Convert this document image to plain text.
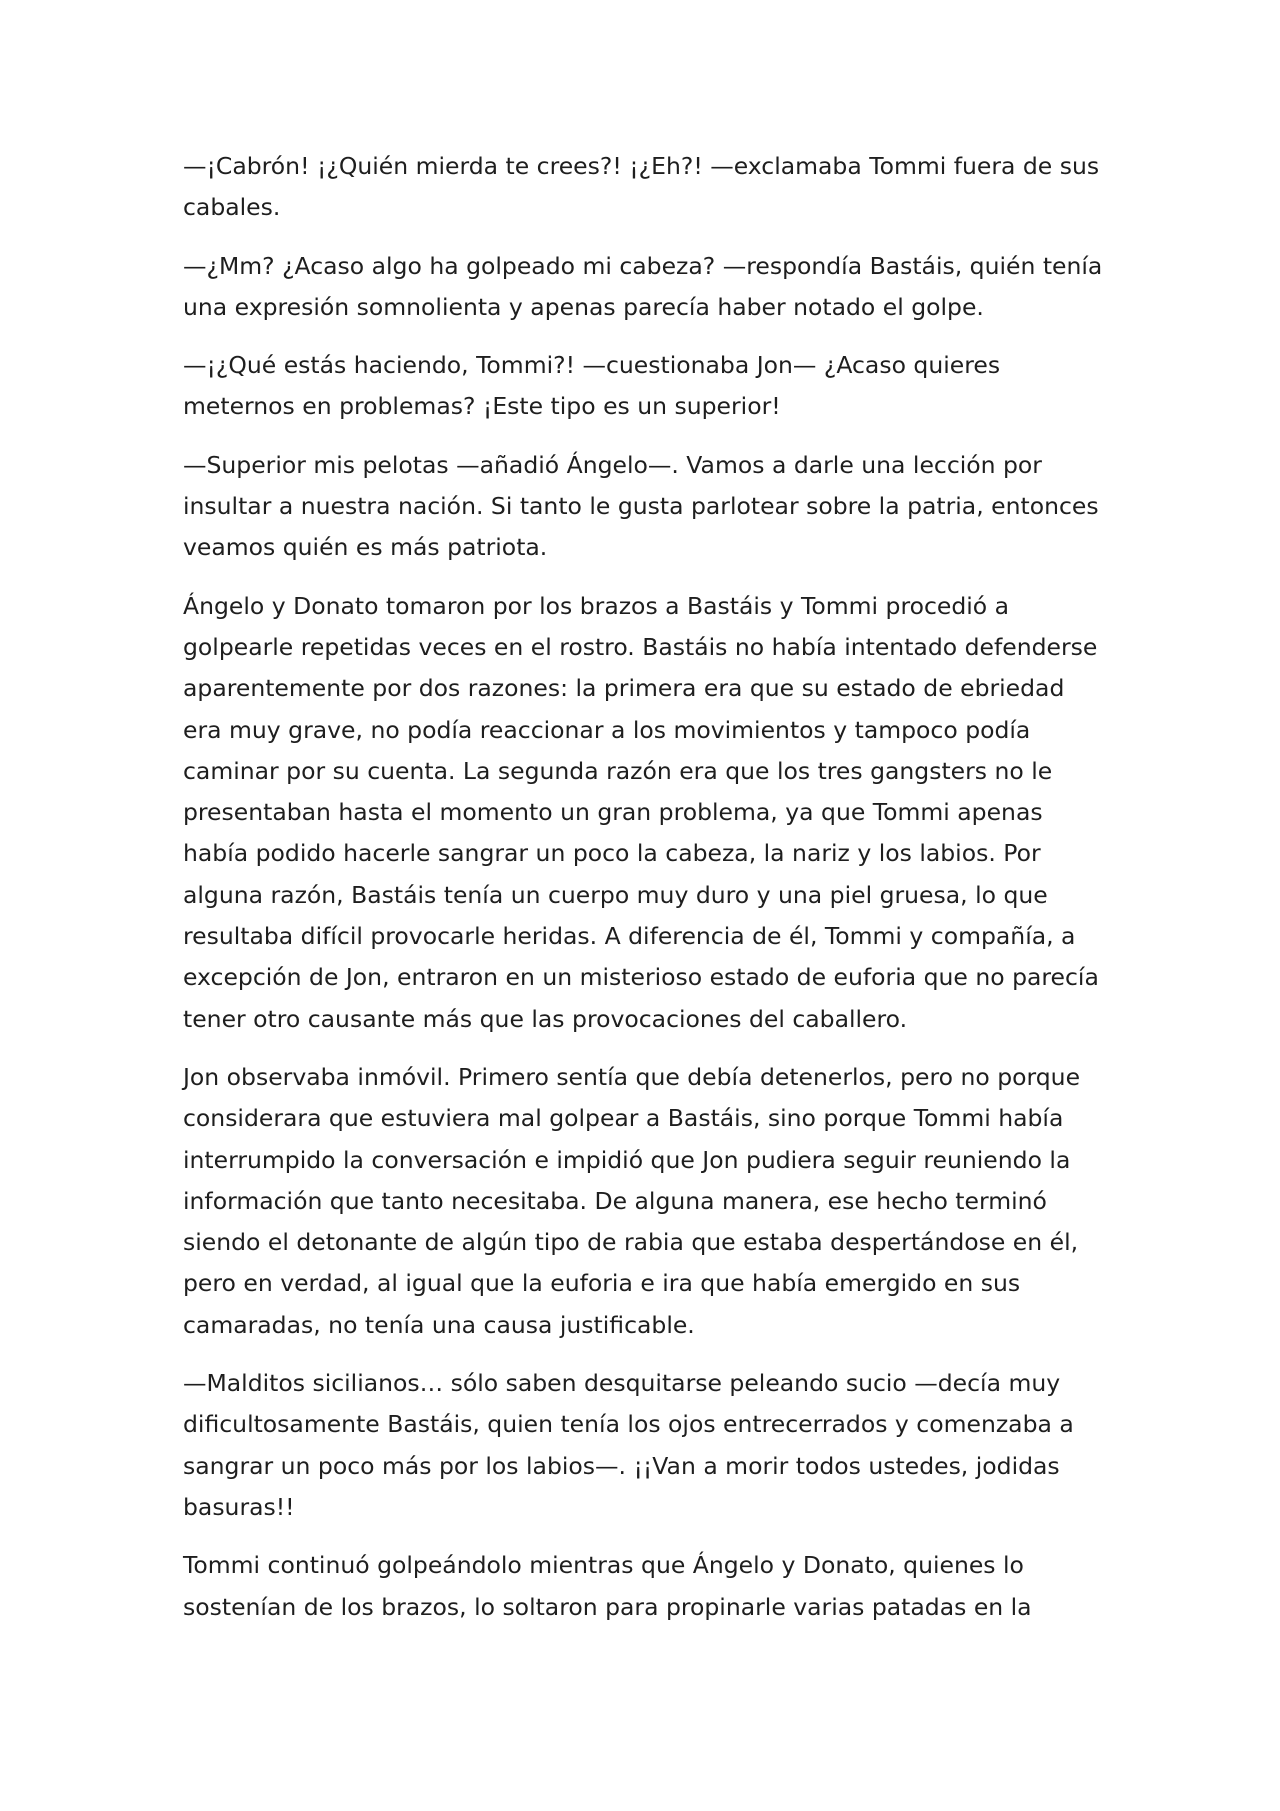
—¡Cabrón! ¡¿Quién mierda te crees?! ¡¿Eh?! —exclamaba Tommi fuera de sus cabales.

—¿Mm? ¿Acaso algo ha golpeado mi cabeza? —respondía Bastáis, quién tenía una expresión somnolienta y apenas parecía haber notado el golpe.

—¡¿Qué estás haciendo, Tommi?! —cuestionaba Jon— ¿Acaso quieres meternos en problemas? ¡Este tipo es un superior!

—Superior mis pelotas —añadió Ángelo—. Vamos a darle una lección por insultar a nuestra nación. Si tanto le gusta parlotear sobre la patria, entonces veamos quién es más patriota.

Ángelo y Donato tomaron por los brazos a Bastáis y Tommi procedió a golpearle repetidas veces en el rostro. Bastáis no había intentado defenderse aparentemente por dos razones: la primera era que su estado de ebriedad era muy grave, no podía reaccionar a los movimientos y tampoco podía caminar por su cuenta. La segunda razón era que los tres gangsters no le presentaban hasta el momento un gran problema, ya que Tommi apenas había podido hacerle sangrar un poco la cabeza, la nariz y los labios. Por alguna razón, Bastáis tenía un cuerpo muy duro y una piel gruesa, lo que resultaba difícil provocarle heridas. A diferencia de él, Tommi y compañía, a excepción de Jon, entraron en un misterioso estado de euforia que no parecía tener otro causante más que las provocaciones del caballero.

Jon observaba inmóvil. Primero sentía que debía detenerlos, pero no porque considerara que estuviera mal golpear a Bastáis, sino porque Tommi había interrumpido la conversación e impidió que Jon pudiera seguir reuniendo la información que tanto necesitaba. De alguna manera, ese hecho terminó siendo el detonante de algún tipo de rabia que estaba despertándose en él, pero en verdad, al igual que la euforia e ira que había emergido en sus camaradas, no tenía una causa justificable.

—Malditos sicilianos… sólo saben desquitarse peleando sucio —decía muy dificultosamente Bastáis, quien tenía los ojos entrecerrados y comenzaba a sangrar un poco más por los labios—. ¡¡Van a morir todos ustedes, jodidas basuras!!

Tommi continuó golpeándolo mientras que Ángelo y Donato, quienes lo sostenían de los brazos, lo soltaron para propinarle varias patadas en la
